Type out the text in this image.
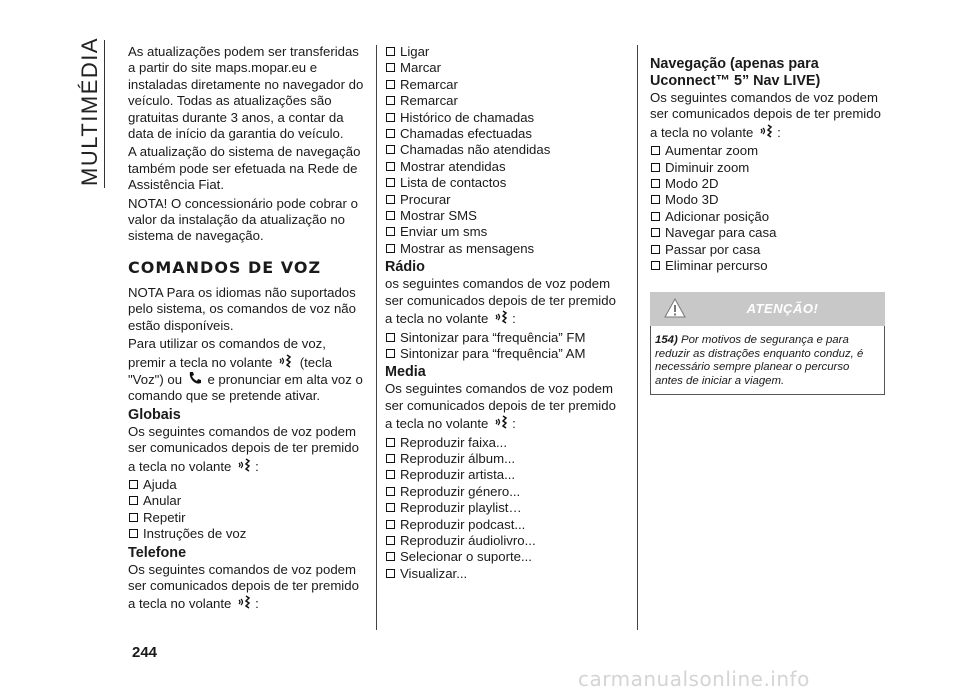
MULTIMÉDIA As atualizações podem ser transferidas a partir do site maps.mopar.eu e instaladas diretamente no navegador do veículo. Todas as atualizações são gratuitas durante 3 anos, a contar da data de início da garantia do veículo.

A atualização do sistema de navegação também pode ser efetuada na Rede de Assistência Fiat.

NOTA! O concessionário pode cobrar o valor da instalação da atualização no sistema de navegação.

COMANDOS DE VOZ

NOTA Para os idiomas não suportados pelo sistema, os comandos de voz não estão disponíveis.

Para utilizar os comandos de voz, premir a tecla no volante (tecla "Voz") ou e pronunciar em alta voz o comando que se pretende ativar.

Globais

Os seguintes comandos de voz podem ser comunicados depois de ter premido a tecla no volante :

Ajuda
Anular
Repetir
Instruções de voz
Telefone

Os seguintes comandos de voz podem ser comunicados depois de ter premido a tecla no volante :

Ligar
Marcar
Remarcar
Remarcar
Histórico de chamadas
Chamadas efectuadas
Chamadas não atendidas
Mostrar atendidas
Lista de contactos
Procurar
Mostrar SMS
Enviar um sms
Mostrar as mensagens
Rádio

os seguintes comandos de voz podem ser comunicados depois de ter premido a tecla no volante :

Sintonizar para “frequência” FM
Sintonizar para “frequência” AM
Media

Os seguintes comandos de voz podem ser comunicados depois de ter premido a tecla no volante :

Reproduzir faixa...
Reproduzir álbum...
Reproduzir artista...
Reproduzir género...
Reproduzir playlist…
Reproduzir podcast...
Reproduzir áudiolivro...
Selecionar o suporte...
Visualizar...
Navegação (apenas para Uconnect™ 5” Nav LIVE)

Os seguintes comandos de voz podem ser comunicados depois de ter premido a tecla no volante :

Aumentar zoom
Diminuir zoom
Modo 2D
Modo 3D
Adicionar posição
Navegar para casa
Passar por casa
Eliminar percurso
ATENÇÃO!
154) Por motivos de segurança e para reduzir as distrações enquanto conduz, é necessário sempre planear o percurso antes de iniciar a viagem.
244
carmanualsonline.info
